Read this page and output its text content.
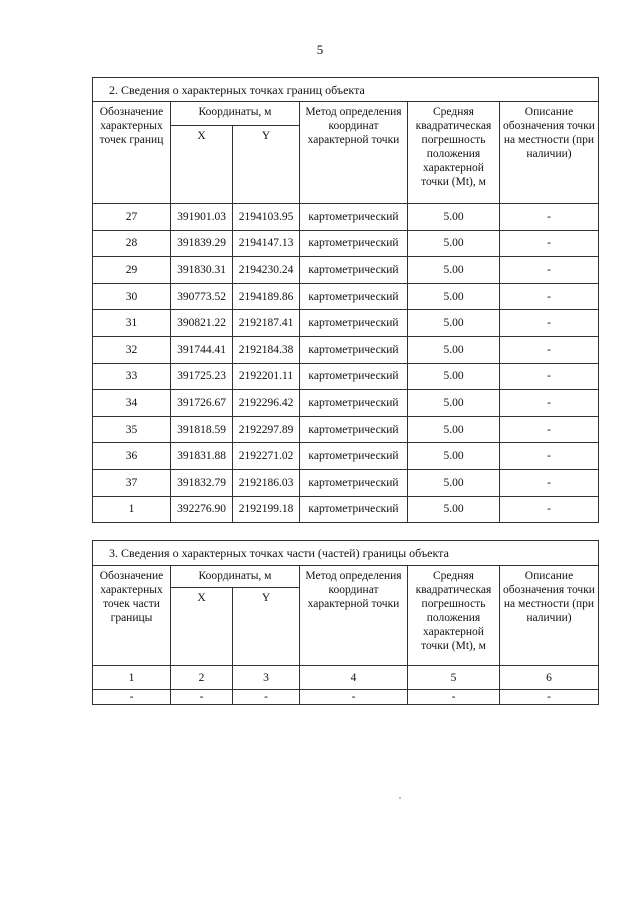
5
2. Сведения о характерных точках границ объекта					
Обозначение характерных точек границ	Координаты, м		Метод определения координат характерной точки	Средняя квадратическая погрешность положения характерной точки (Mt), м	Описание обозначения точки на местности (при наличии)
	X	Y			
27	391901.03	2194103.95	картометрический	5.00	-
28	391839.29	2194147.13	картометрический	5.00	-
29	391830.31	2194230.24	картометрический	5.00	-
30	390773.52	2194189.86	картометрический	5.00	-
31	390821.22	2192187.41	картометрический	5.00	-
32	391744.41	2192184.38	картометрический	5.00	-
33	391725.23	2192201.11	картометрический	5.00	-
34	391726.67	2192296.42	картометрический	5.00	-
35	391818.59	2192297.89	картометрический	5.00	-
36	391831.88	2192271.02	картометрический	5.00	-
37	391832.79	2192186.03	картометрический	5.00	-
1	392276.90	2192199.18	картометрический	5.00	-
3. Сведения о характерных точках части (частей) границы объекта					
Обозначение характерных точек части границы	Координаты, м		Метод определения координат характерной точки	Средняя квадратическая погрешность положения характерной точки (Mt), м	Описание обозначения точки на местности (при наличии)
	X	Y			
1	2	3	4	5	6
-	-	-	-	-	-
